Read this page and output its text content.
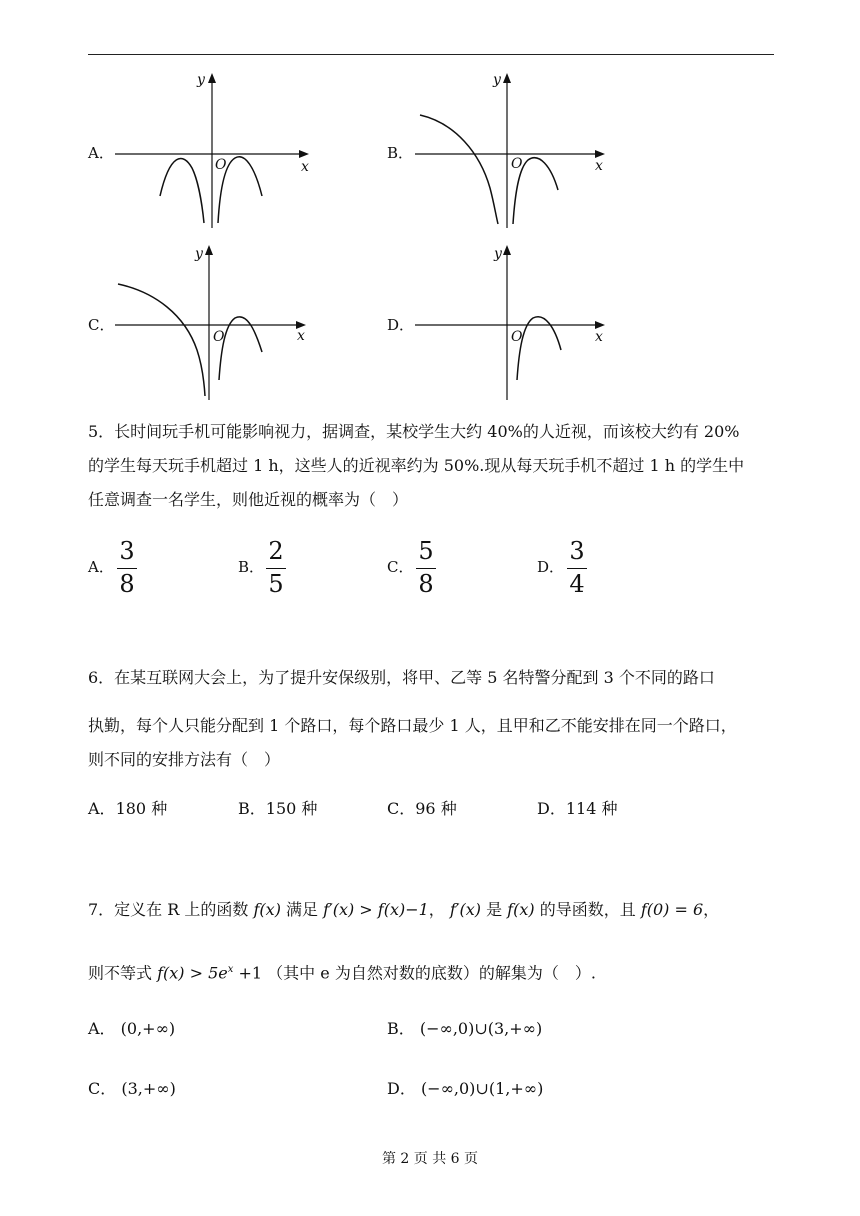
A．
x
y
O
B．
x
y
O
C．
x
y
O
D．
x
y
O
5．长时间玩手机可能影响视力，据调查，某校学生大约 40%的人近视，而该校大约有 20%
的学生每天玩手机超过 1 h，这些人的近视率约为 50%.现从每天玩手机不超过 1 h 的学生中
任意调查一名学生，则他近视的概率为（　）
A．
3
8
B．
2
5
C．
5
8
D．
3
4
6．在某互联网大会上，为了提升安保级别，将甲、乙等 5 名特警分配到 3 个不同的路口
执勤，每个人只能分配到 1 个路口，每个路口最少 1 人，且甲和乙不能安排在同一个路口，
则不同的安排方法有（　）
A．180 种	B．150 种	C．96 种	D．114 种
7．定义在 R 上的函数 f(x) 满足 f′(x) > f(x)−1， f′(x) 是 f(x) 的导函数，且 f(0) = 6，
则不等式 $f(x) > 5e^x +1$ （其中 e 为自然对数的底数）的解集为（　）.
A． (0,+∞)	B． (−∞,0)∪(3,+∞)
C． (3,+∞)	D． (−∞,0)∪(1,+∞)
第 2 页 共 6 页
